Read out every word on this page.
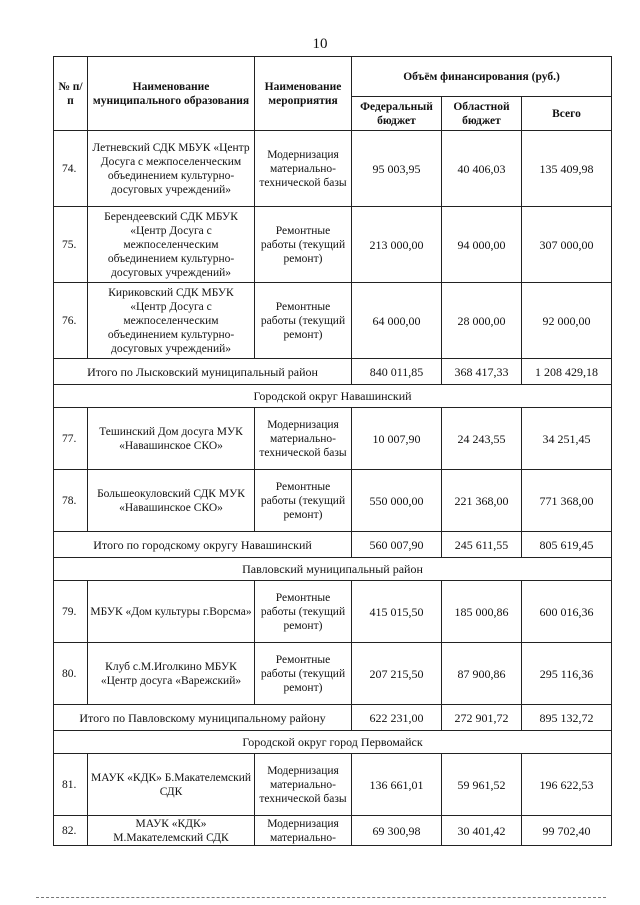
10
№ п/п	Наименование муниципального образования	Наименование мероприятия	Объём финансирования (руб.)		
			Федеральный бюджет	Областной бюджет	Всего
74.	Летневский СДК МБУК «Центр Досуга с межпоселенческим объединением культурно-досуговых учреждений»	Модернизация материально-технической базы	95 003,95	40 406,03	135 409,98
75.	Берендеевский СДК МБУК «Центр Досуга с межпоселенческим объединением культурно-досуговых учреждений»	Ремонтные работы (текущий ремонт)	213 000,00	94 000,00	307 000,00
76.	Кириковский СДК МБУК «Центр Досуга с межпоселенческим объединением культурно-досуговых учреждений»	Ремонтные работы (текущий ремонт)	64 000,00	28 000,00	92 000,00
Итого по Лысковский муниципальный район			840 011,85	368 417,33	1 208 429,18
Городской округ Навашинский					
77.	Тешинский Дом досуга МУК «Навашинское СКО»	Модернизация материально-технической базы	10 007,90	24 243,55	34 251,45
78.	Большеокуловский СДК МУК «Навашинское СКО»	Ремонтные работы (текущий ремонт)	550 000,00	221 368,00	771 368,00
Итого по городскому округу Навашинский			560 007,90	245 611,55	805 619,45
Павловский муниципальный район					
79.	МБУК «Дом культуры г.Ворсма»	Ремонтные работы (текущий ремонт)	415 015,50	185 000,86	600 016,36
80.	Клуб с.М.Иголкино МБУК «Центр досуга «Варежский»	Ремонтные работы (текущий ремонт)	207 215,50	87 900,86	295 116,36
Итого по Павловскому муниципальному району			622 231,00	272 901,72	895 132,72
Городской округ город Первомайск					
81.	МАУК «КДК» Б.Макателемский СДК	Модернизация материально-технической базы	136 661,01	59 961,52	196 622,53
82.	МАУК «КДК» М.Макателемский СДК	Модернизация материально-	69 300,98	30 401,42	99 702,40
